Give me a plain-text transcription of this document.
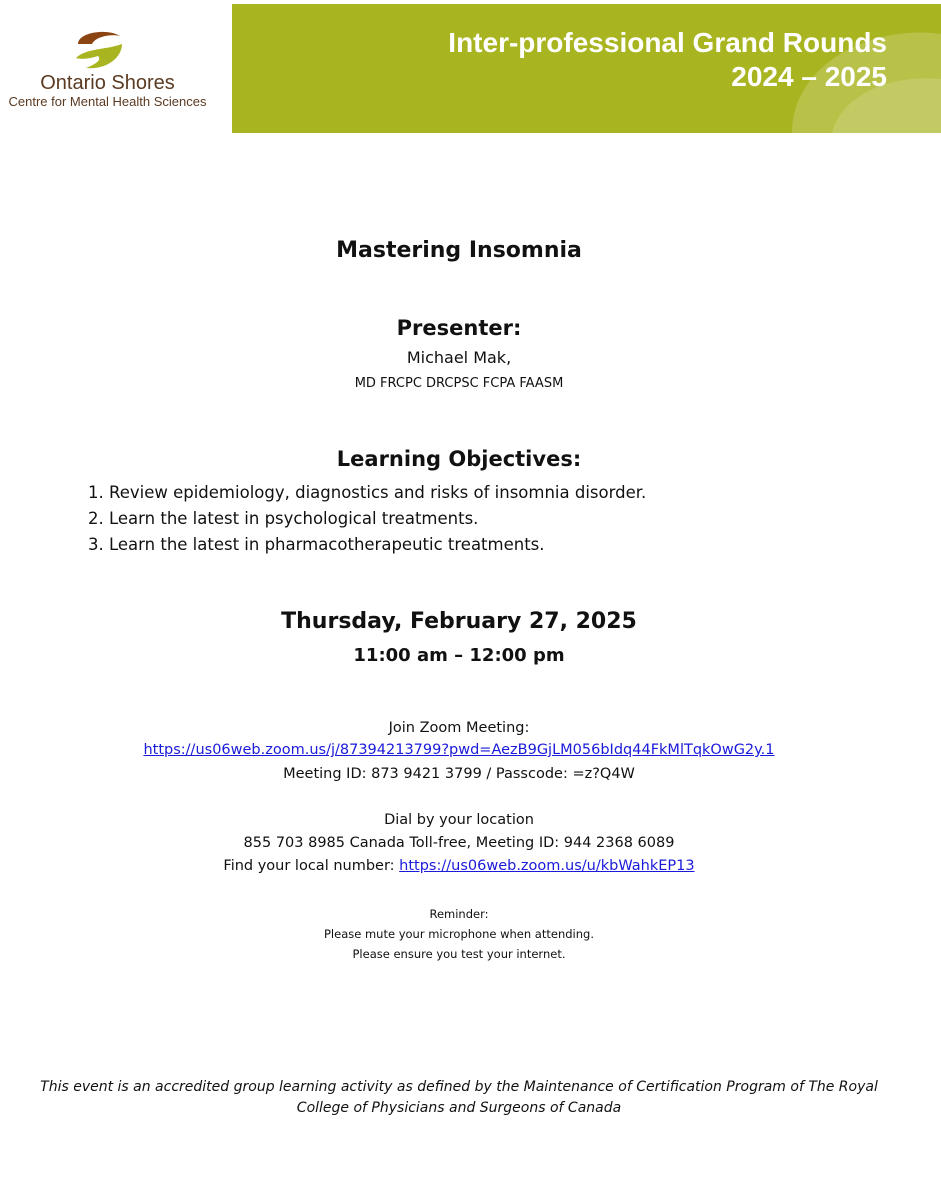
Ontario Shores
Centre for Mental Health Sciences
Inter-professional Grand Rounds
2024 – 2025
Mastering Insomnia
Presenter:
Michael Mak,
MD FRCPC DRCPSC FCPA FAASM
Learning Objectives:
1. Review epidemiology, diagnostics and risks of insomnia disorder.
2. Learn the latest in psychological treatments.
3. Learn the latest in pharmacotherapeutic treatments.
Thursday, February 27, 2025
11:00 am – 12:00 pm
Join Zoom Meeting:
https://us06web.zoom.us/j/87394213799?pwd=AezB9GjLM056bIdq44FkMlTqkOwG2y.1
Meeting ID: 873 9421 3799 / Passcode: =z?Q4W
Dial by your location
855 703 8985 Canada Toll-free, Meeting ID: 944 2368 6089
Find your local number: https://us06web.zoom.us/u/kbWahkEP13
Reminder:
Please mute your microphone when attending.
Please ensure you test your internet.
This event is an accredited group learning activity as defined by the Maintenance of Certification Program of The Royal
College of Physicians and Surgeons of Canada
